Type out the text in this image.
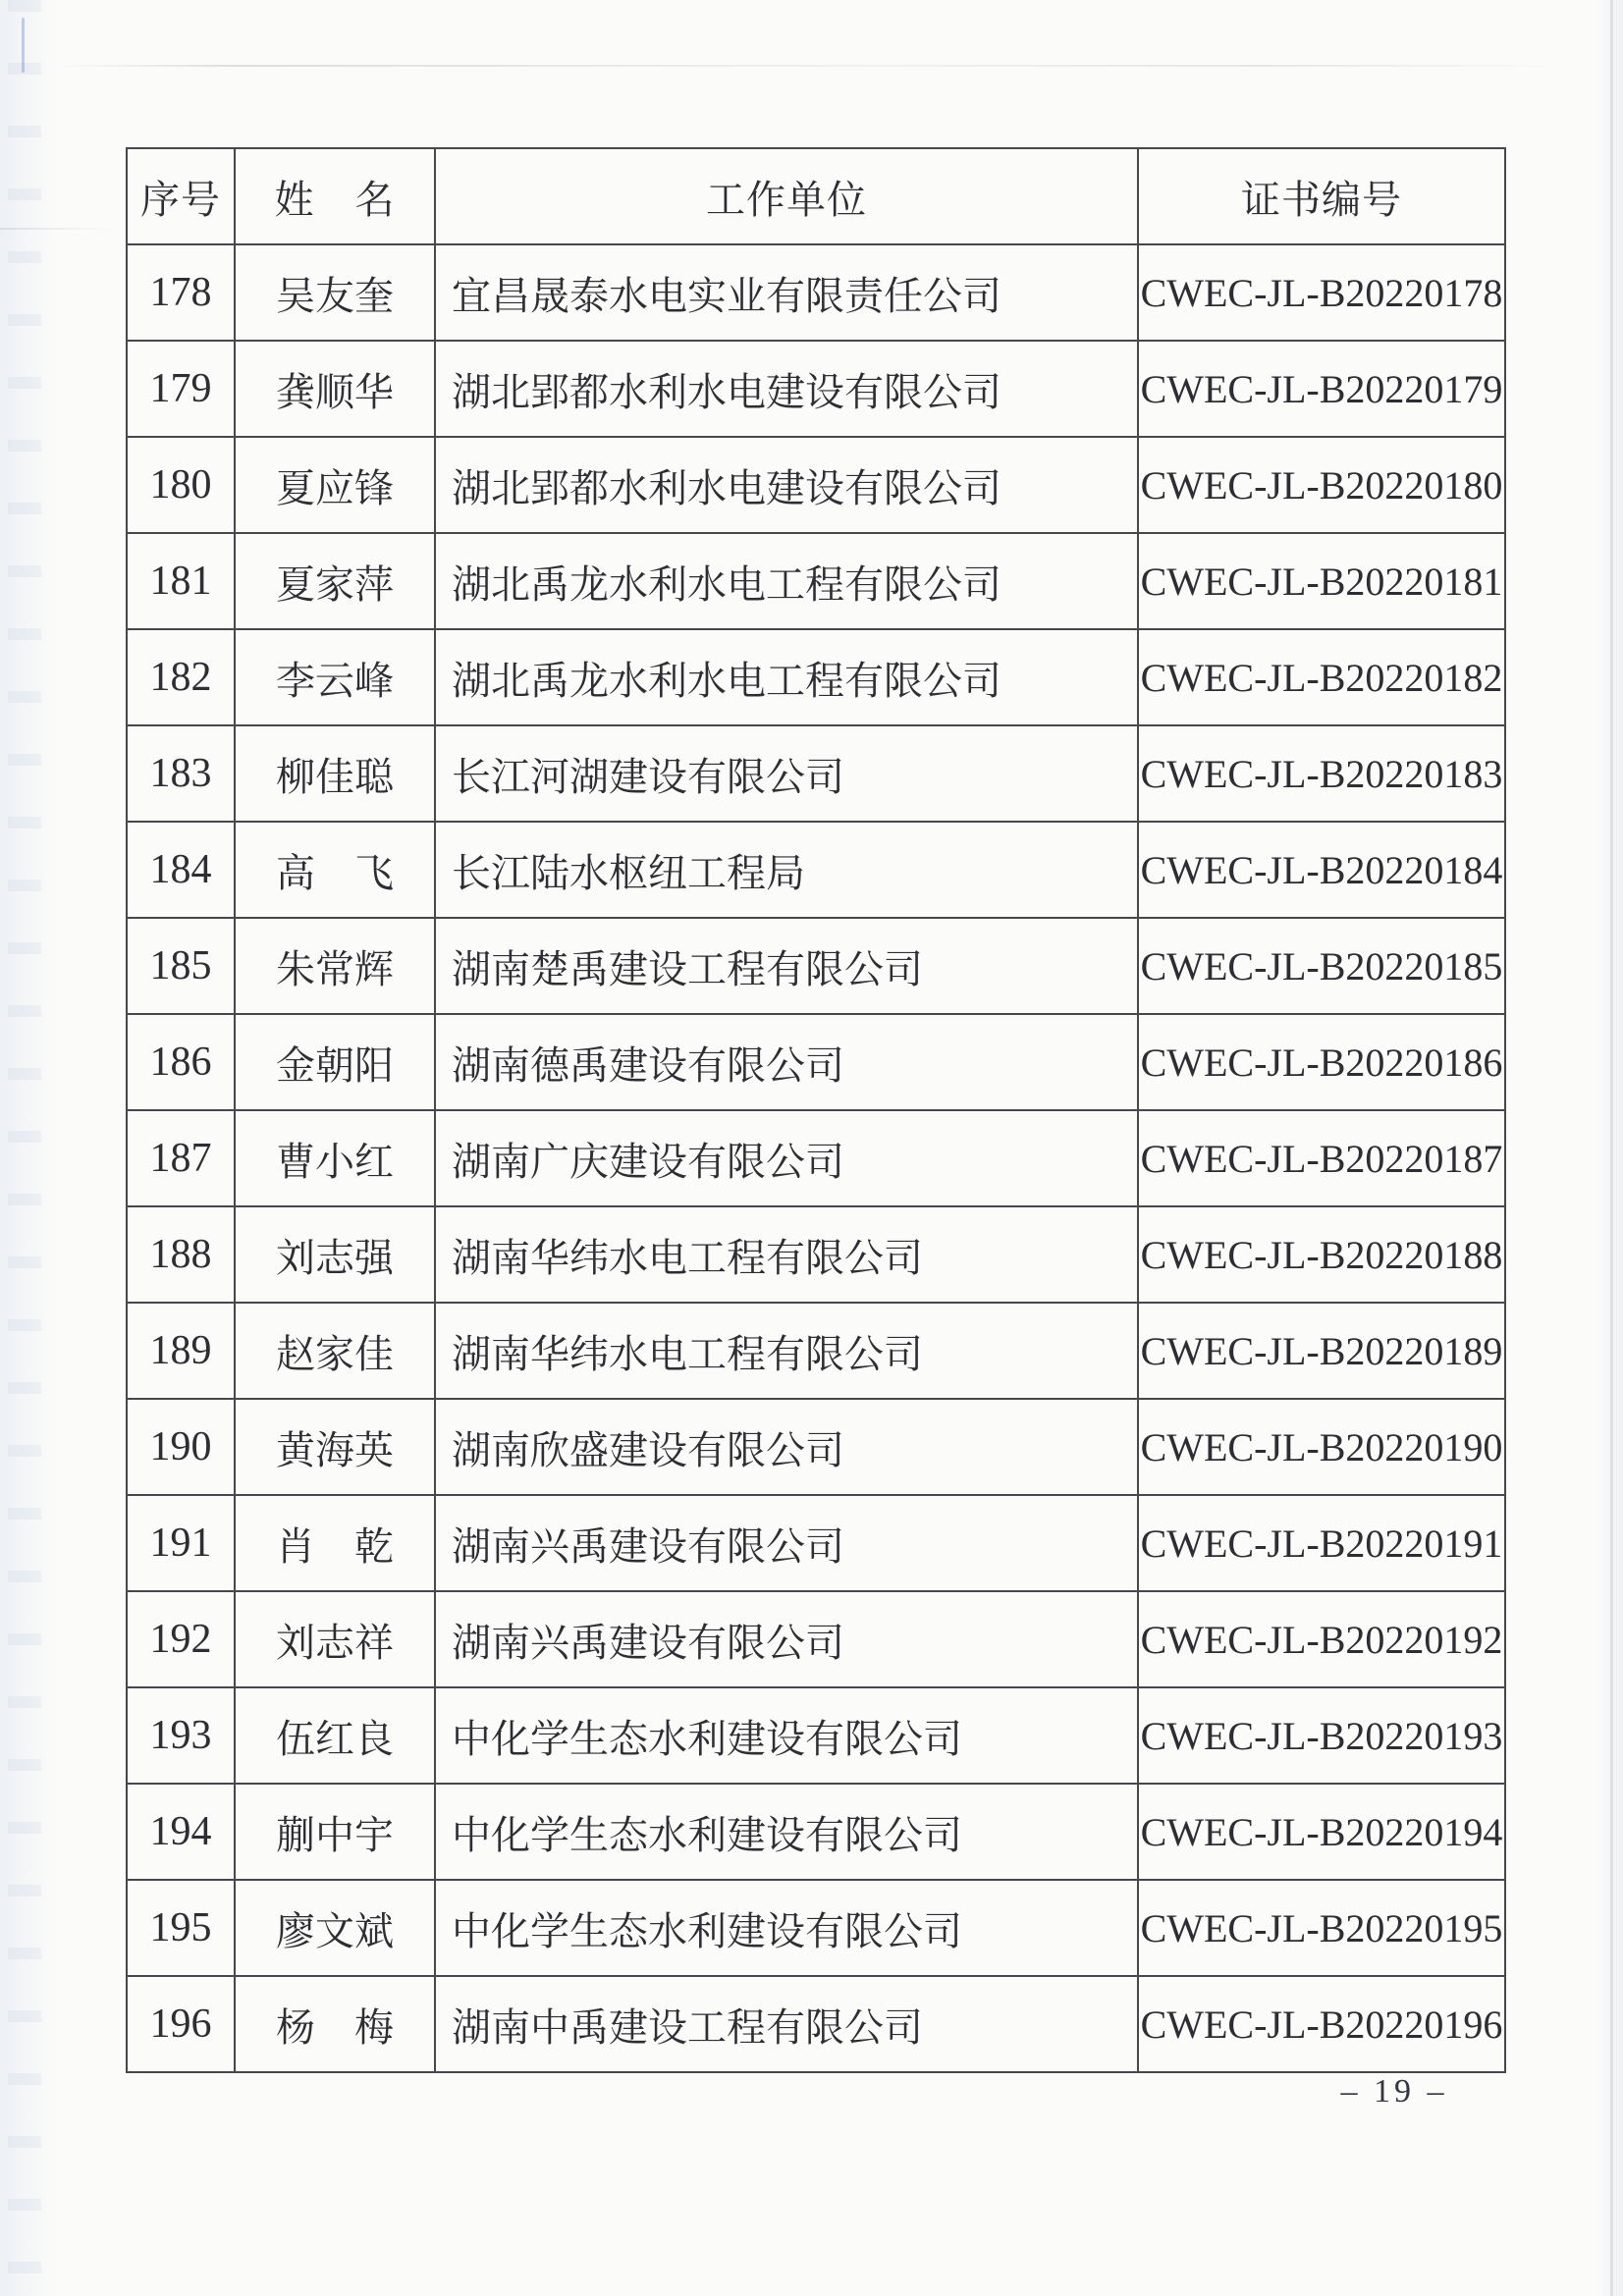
序号	姓　名	工作单位	证书编号
178	吴友奎	宜昌晟泰水电实业有限责任公司	CWEC-JL-B20220178
179	龚顺华	湖北郢都水利水电建设有限公司	CWEC-JL-B20220179
180	夏应锋	湖北郢都水利水电建设有限公司	CWEC-JL-B20220180
181	夏家萍	湖北禹龙水利水电工程有限公司	CWEC-JL-B20220181
182	李云峰	湖北禹龙水利水电工程有限公司	CWEC-JL-B20220182
183	柳佳聪	长江河湖建设有限公司	CWEC-JL-B20220183
184	高　飞	长江陆水枢纽工程局	CWEC-JL-B20220184
185	朱常辉	湖南楚禹建设工程有限公司	CWEC-JL-B20220185
186	金朝阳	湖南德禹建设有限公司	CWEC-JL-B20220186
187	曹小红	湖南广庆建设有限公司	CWEC-JL-B20220187
188	刘志强	湖南华纬水电工程有限公司	CWEC-JL-B20220188
189	赵家佳	湖南华纬水电工程有限公司	CWEC-JL-B20220189
190	黄海英	湖南欣盛建设有限公司	CWEC-JL-B20220190
191	肖　乾	湖南兴禹建设有限公司	CWEC-JL-B20220191
192	刘志祥	湖南兴禹建设有限公司	CWEC-JL-B20220192
193	伍红良	中化学生态水利建设有限公司	CWEC-JL-B20220193
194	蒯中宇	中化学生态水利建设有限公司	CWEC-JL-B20220194
195	廖文斌	中化学生态水利建设有限公司	CWEC-JL-B20220195
196	杨　梅	湖南中禹建设工程有限公司	CWEC-JL-B20220196
– 19 –
